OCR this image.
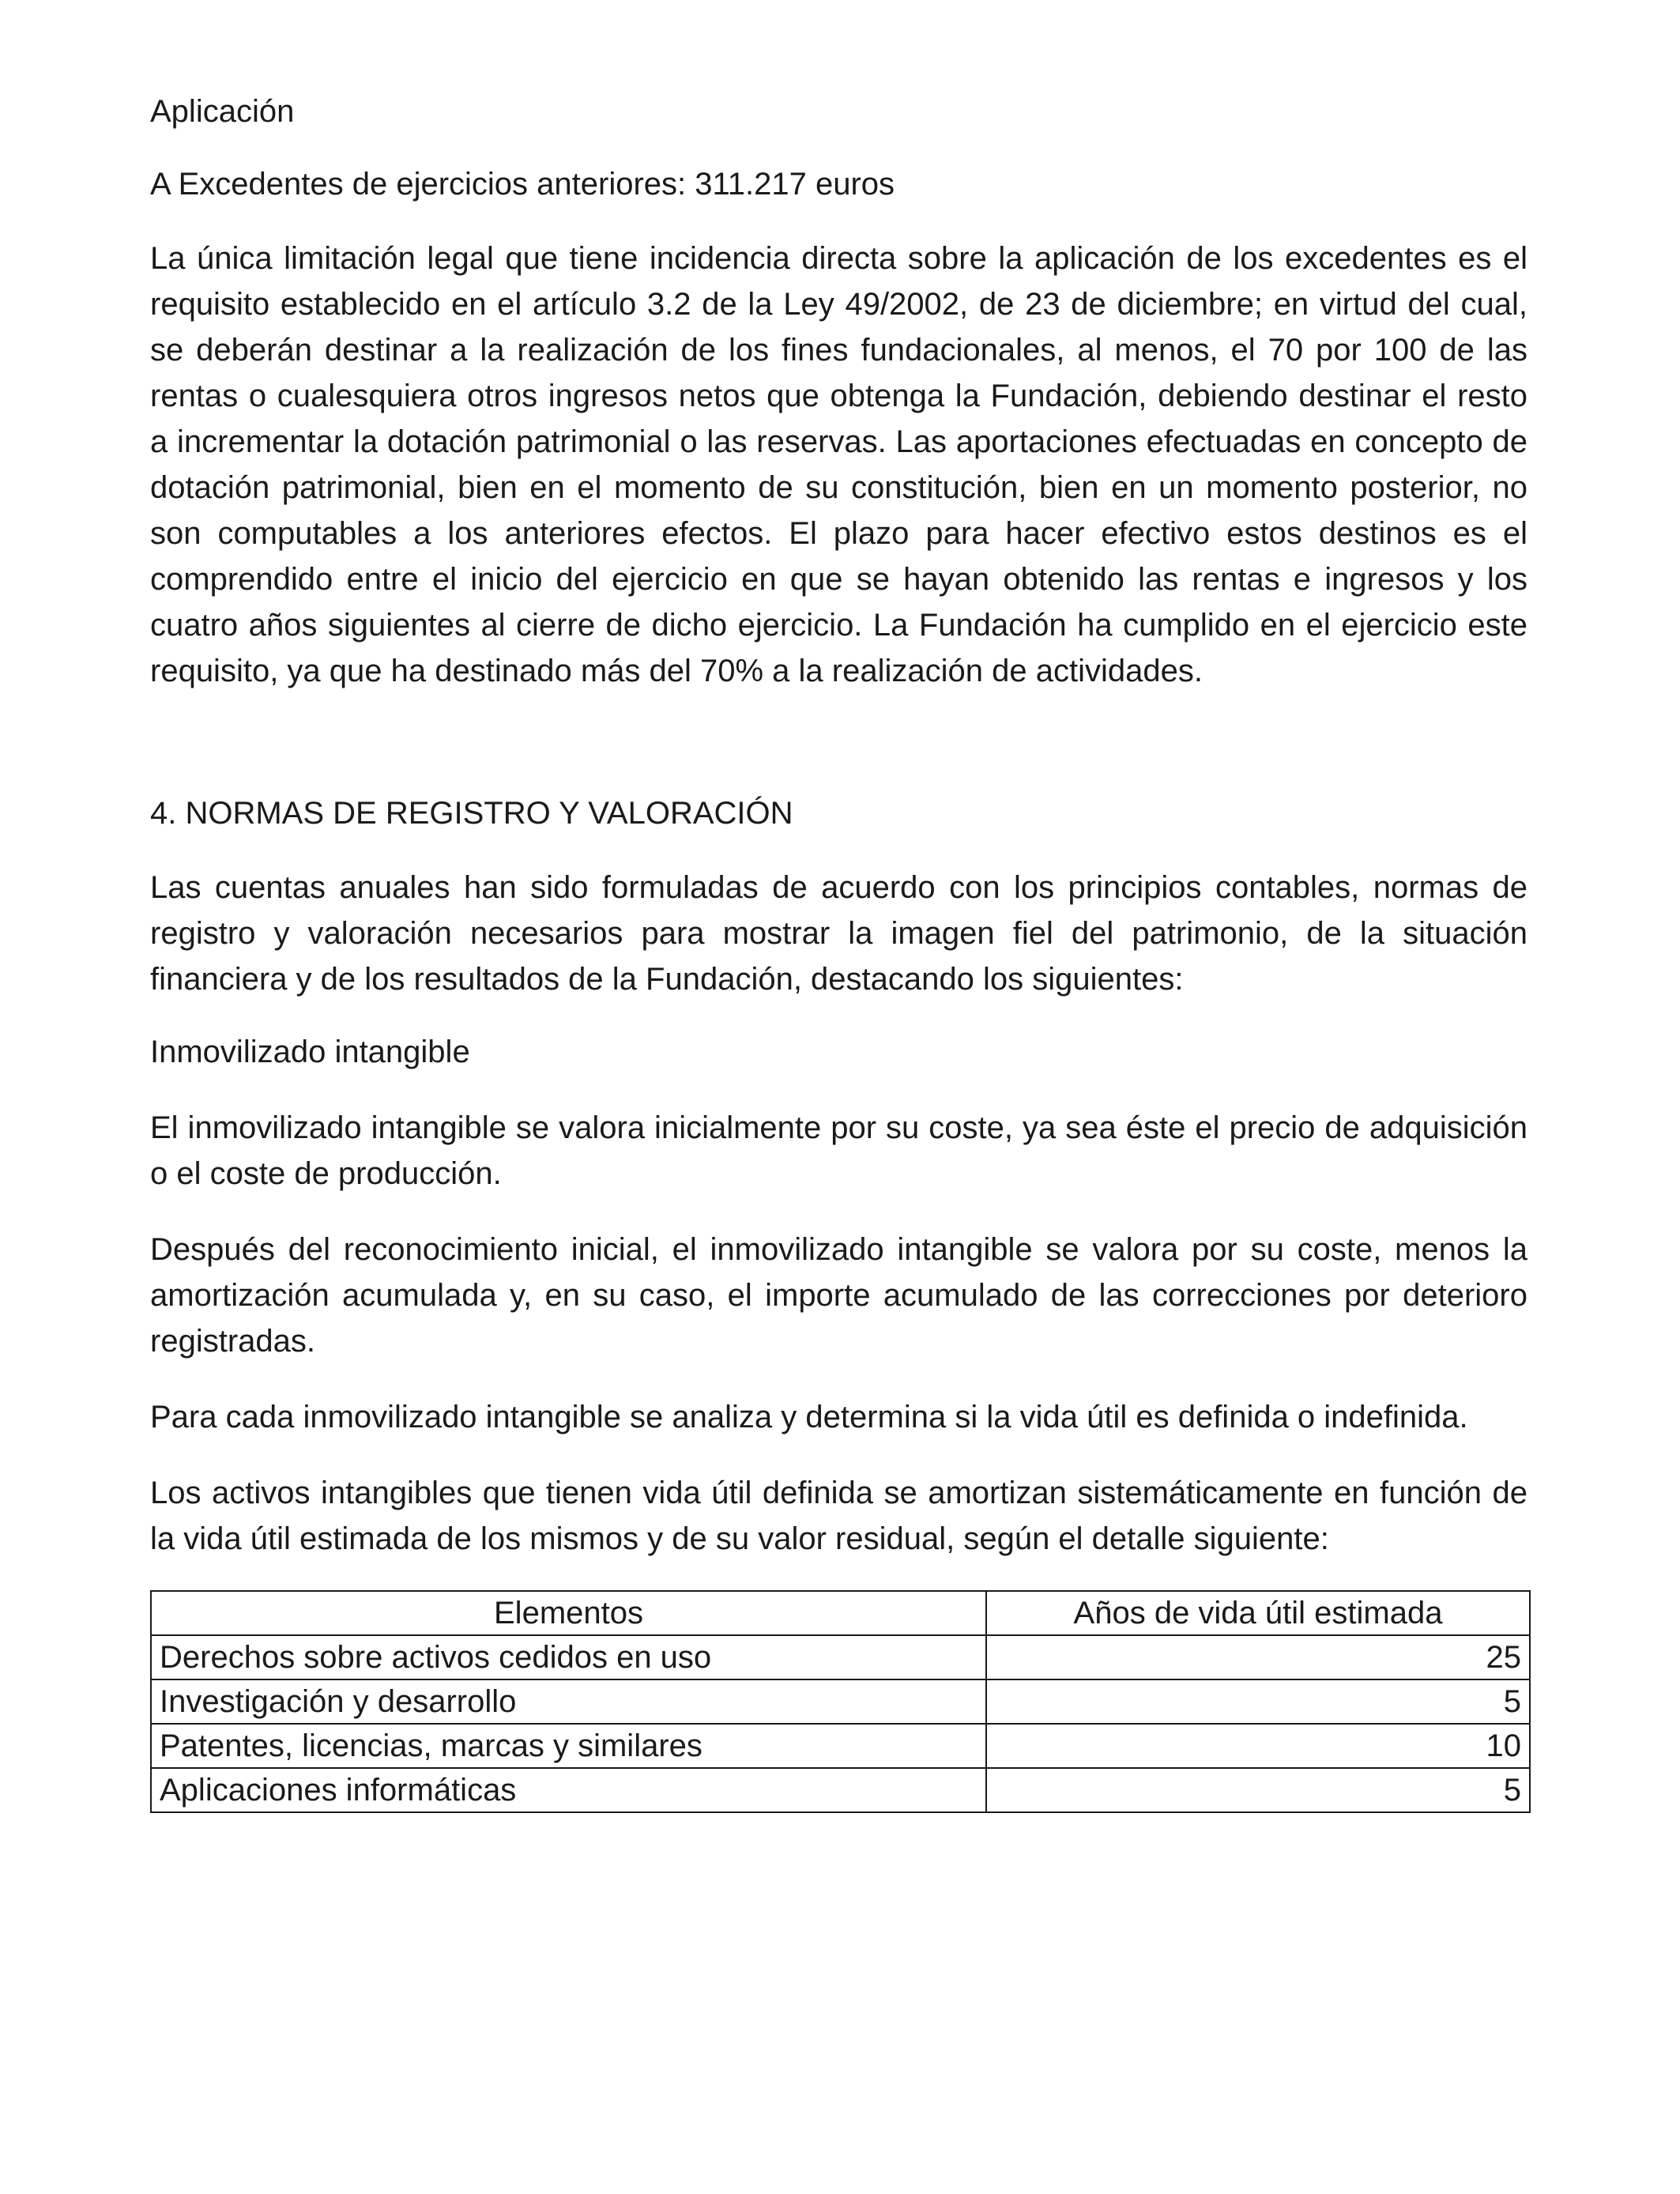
Aplicación

A Excedentes de ejercicios anteriores: 311.217 euros

La única limitación legal que tiene incidencia directa sobre la aplicación de los excedentes es el requisito establecido en el artículo 3.2 de la Ley 49/2002, de 23 de diciembre; en virtud del cual, se deberán destinar a la realización de los fines fundacionales, al menos, el 70 por 100 de las rentas o cualesquiera otros ingresos netos que obtenga la Fundación, debiendo destinar el resto a incrementar la dotación patrimonial o las reservas. Las aportaciones efectuadas en concepto de dotación patrimonial, bien en el momento de su constitución, bien en un momento posterior, no son computables a los anteriores efectos. El plazo para hacer efectivo estos destinos es el comprendido entre el inicio del ejercicio en que se hayan obtenido las rentas e ingresos y los cuatro años siguientes al cierre de dicho ejercicio. La Fundación ha cumplido en el ejercicio este requisito, ya que ha destinado más del 70% a la realización de actividades.

4. NORMAS DE REGISTRO Y VALORACIÓN

Las cuentas anuales han sido formuladas de acuerdo con los principios contables, normas de registro y valoración necesarios para mostrar la imagen fiel del patrimonio, de la situación financiera y de los resultados de la Fundación, destacando los siguientes:

Inmovilizado intangible

El inmovilizado intangible se valora inicialmente por su coste, ya sea éste el precio de adquisición o el coste de producción.

Después del reconocimiento inicial, el inmovilizado intangible se valora por su coste, menos la amortización acumulada y, en su caso, el importe acumulado de las correcciones por deterioro registradas.

Para cada inmovilizado intangible se analiza y determina si la vida útil es definida o indefinida.

Los activos intangibles que tienen vida útil definida se amortizan sistemáticamente en función de la vida útil estimada de los mismos y de su valor residual, según el detalle siguiente:

Elementos	Años de vida útil estimada
Derechos sobre activos cedidos en uso	25
Investigación y desarrollo	5
Patentes, licencias, marcas y similares	10
Aplicaciones informáticas	5
